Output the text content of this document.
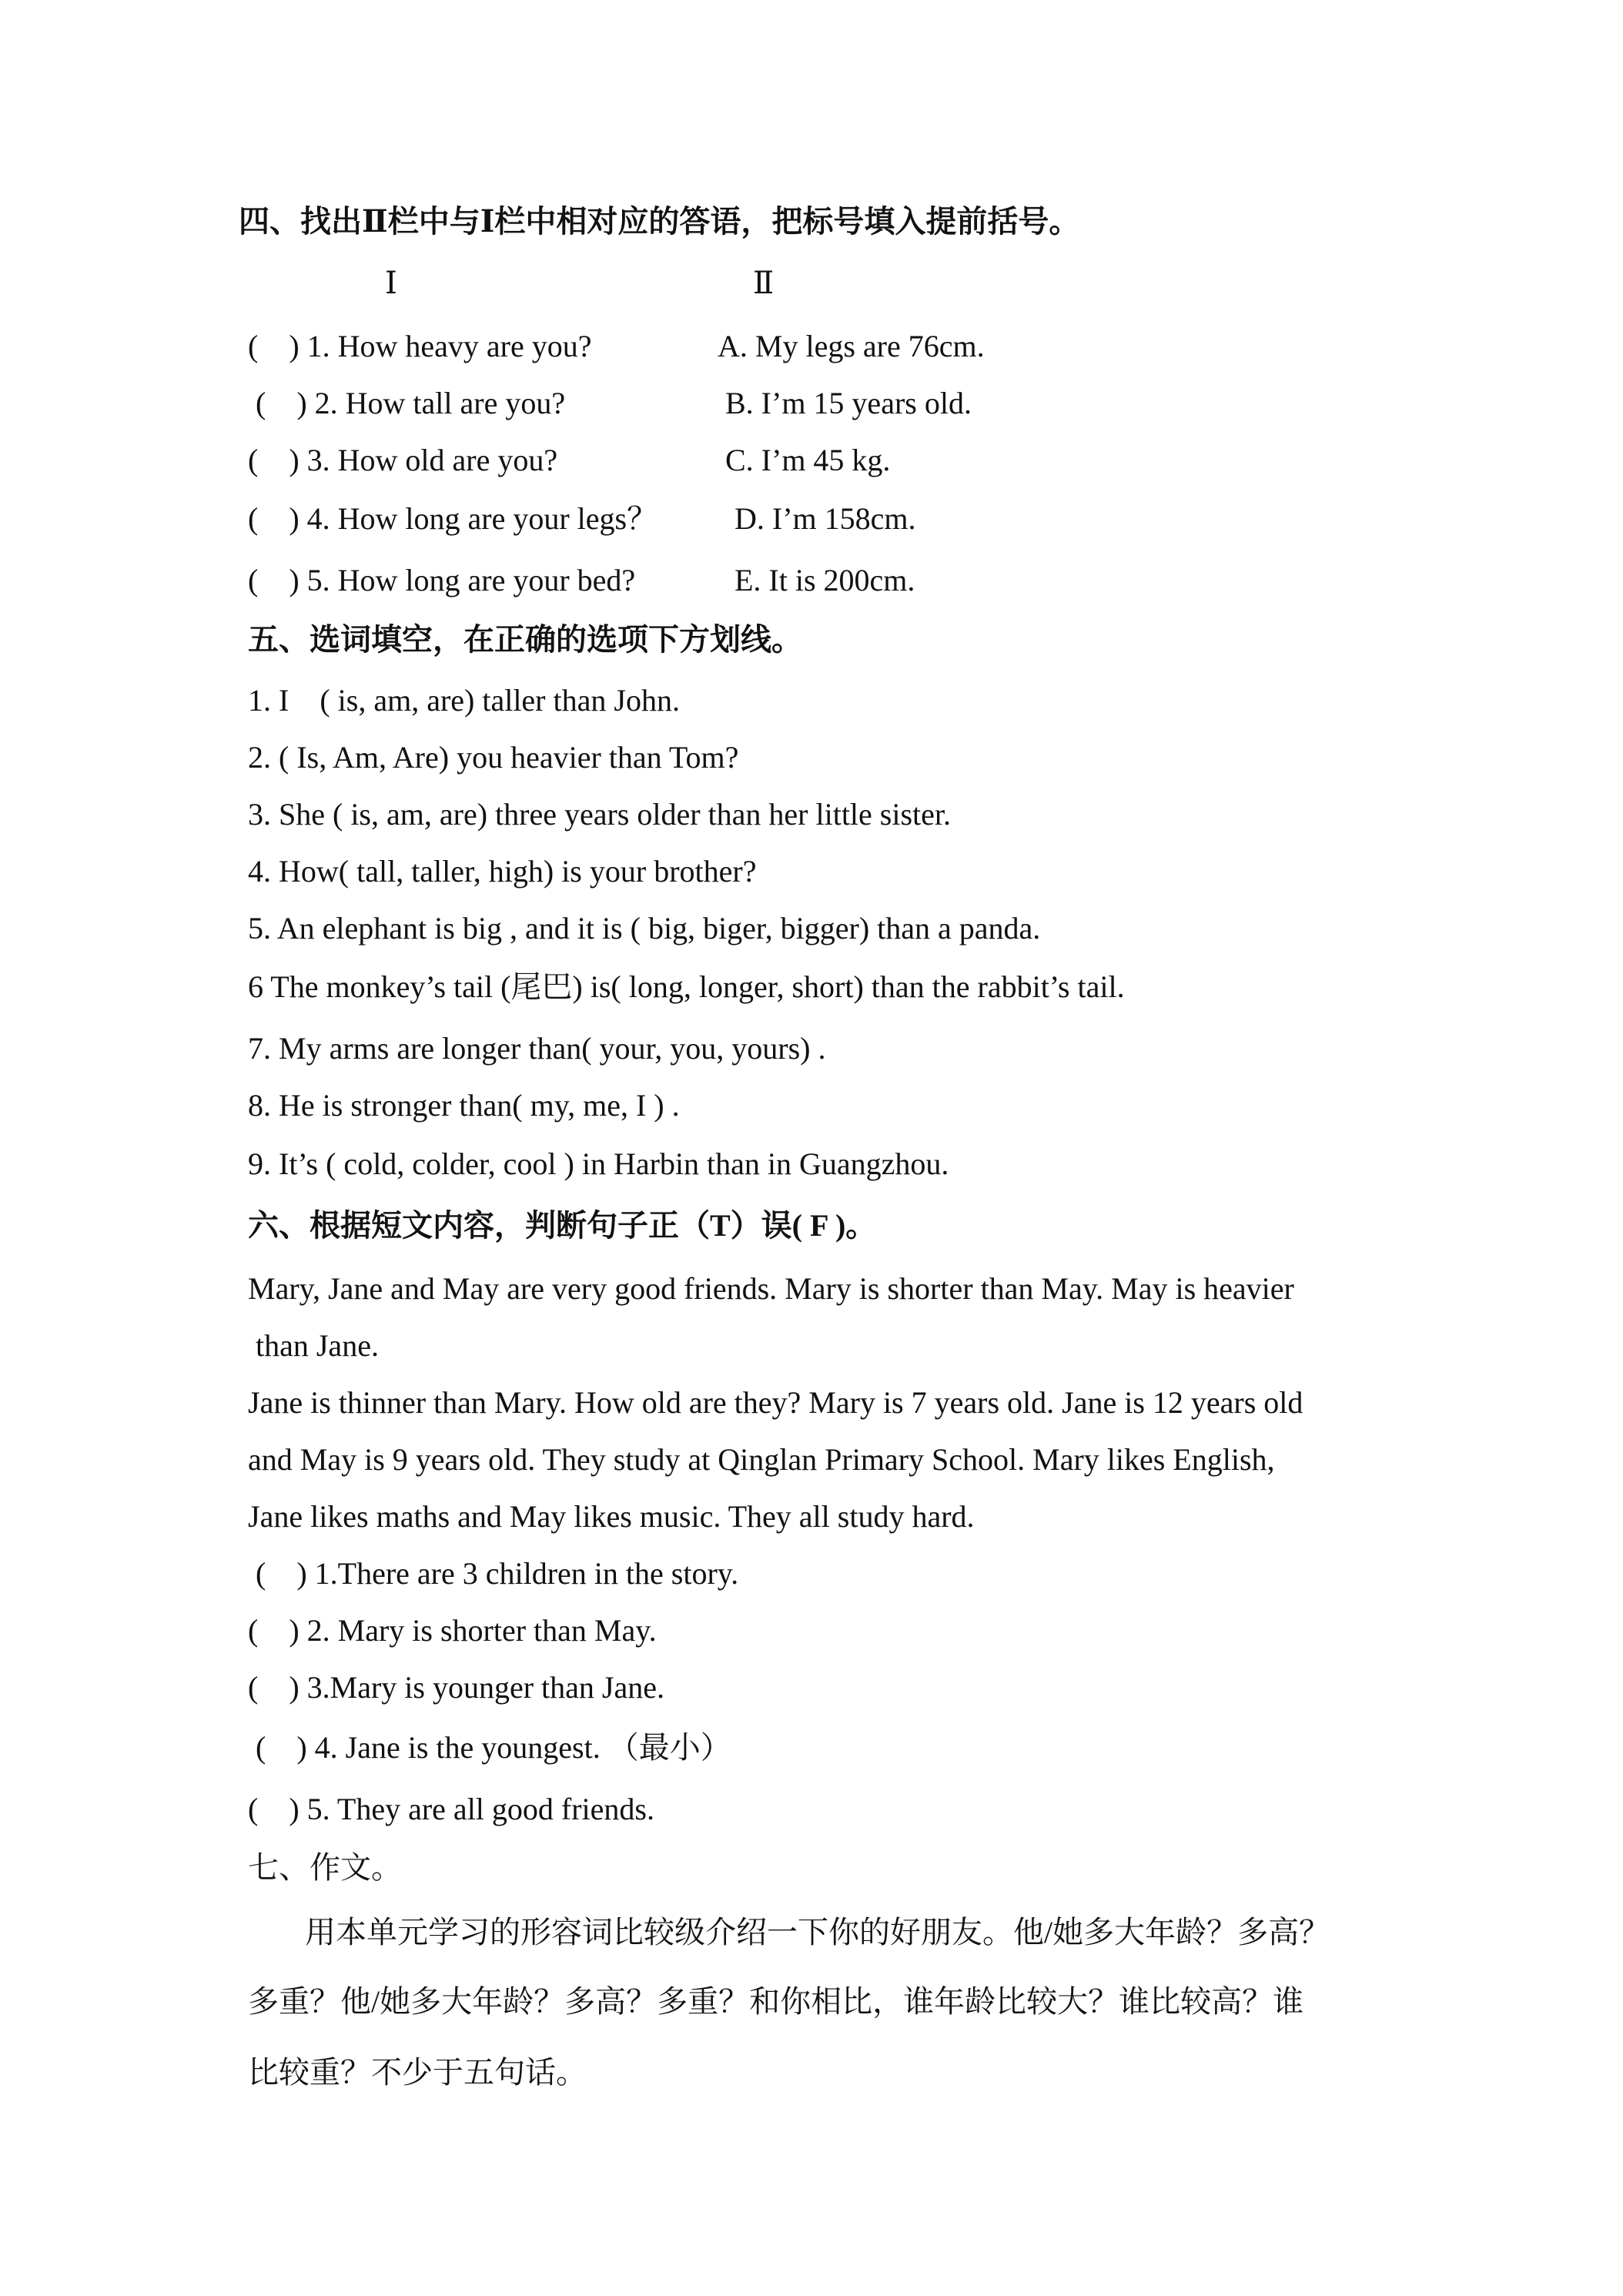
四、找出Ⅱ栏中与Ⅰ栏中相对应的答语，把标号填入提前括号。
Ⅰ	Ⅱ
(    ) 1. How heavy are you?	A. My legs are 76cm.
(    ) 2. How tall are you?	B. I’m 15 years old.
(    ) 3. How old are you?	C. I’m 45 kg.
(    ) 4. How long are your legs？ D. I’m 158cm.
(    ) 5. How long are your bed?	E. It is 200cm.
五、选词填空，在正确的选项下方划线。
1. I    ( is, am, are) taller than John.
2. ( Is, Am, Are) you heavier than Tom?
3. She ( is, am, are) three years older than her little sister.
4. How( tall, taller, high) is your brother?
5. An elephant is big , and it is ( big, biger, bigger) than a panda.
6 The monkey’s tail (尾巴) is( long, longer, short) than the rabbit’s tail.
7. My arms are longer than( your, you, yours) .
8. He is stronger than( my, me, I ) .
9. It’s ( cold, colder, cool ) in Harbin than in Guangzhou.
六、根据短文内容，判断句子正（T）误( F )。
Mary, Jane and May are very good friends. Mary is shorter than May. May is heavier
than Jane.
Jane is thinner than Mary. How old are they? Mary is 7 years old. Jane is 12 years old
and May is 9 years old. They study at Qinglan Primary School. Mary likes English,
Jane likes maths and May likes music. They all study hard.
(    ) 1.There are 3 children in the story.
(    ) 2. Mary is shorter than May.
(    ) 3.Mary is younger than Jane.
(    ) 4. Jane is the youngest. （最小）
(    ) 5. They are all good friends.
七、作文。
用本单元学习的形容词比较级介绍一下你的好朋友。他/她多大年龄？多高？
多重？他/她多大年龄？多高？多重？和你相比，谁年龄比较大？谁比较高？谁
比较重？不少于五句话。
